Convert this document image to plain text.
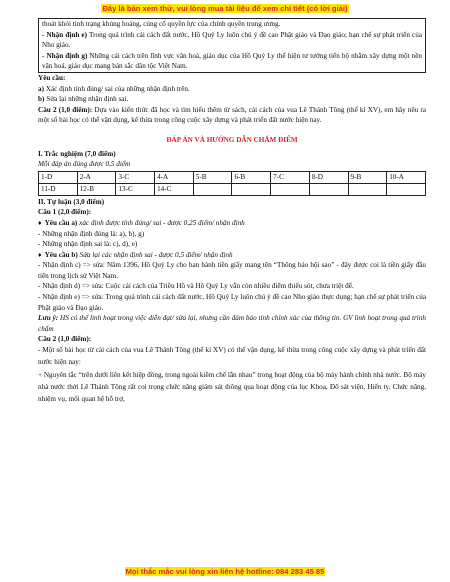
Đây là bản xem thử, vui lòng mua tài liệu để xem chi tiết (có lời giải)

thoát khỏi tình trạng khủng hoảng, củng cố quyền lực của chính quyền trung ương.

- Nhận định e) Trong quá trình cải cách đất nước, Hồ Quý Ly luôn chú ý đề cao Phật giáo và Đạo giáo; hạn chế sự phát triển của Nho giáo.

- Nhận định g) Những cải cách trên lĩnh vực văn hoá, giáo dục của Hồ Quý Ly thể hiện tư tưởng tiến bộ nhằm xây dựng một nền văn hoá, giáo dục mang bản sắc dân tộc Việt Nam.

Yêu cầu:

a) Xác định tính đúng/ sai của những nhận định trên.

b) Sửa lại những nhận định sai.

Câu 2 (1,0 điểm): Dựa vào kiến thức đã học và tìm hiểu thêm từ sách, cải cách của vua Lê Thánh Tông (thế kỉ XV), em hãy nêu ra một số bài học có thể vận dụng, kế thừa trong công cuộc xây dựng và phát triển đất nước hiện nay.

ĐÁP ÁN VÀ HƯỚNG DẪN CHẤM ĐIỂM

I. Trắc nghiệm (7,0 điểm)

Mỗi đáp án đúng được 0,5 điểm

1-D	2-A	3-C	4-A	5-B	6-B	7-C	8-D	9-B	10-A
11-D	12-B	13-C	14-C						

II. Tự luận (3,0 điểm)

Câu 1 (2,0 điểm):

♦ Yêu cầu a) xác định được tính đúng/ sai - được 0,25 điểm/ nhận định

- Những nhận định đúng là: a), b), g)

- Những nhận định sai là: c), d), e)

♦ Yêu cầu b) Sửa lại các nhận định sai - được 0,5 điểm/ nhận định

- Nhận định c) => sửa: Năm 1396, Hồ Quý Ly cho ban hành tiền giấy mang tên “Thông bảo hội sao” - đây được coi là tiền giấy đầu tiên trong lịch sử Việt Nam.

- Nhận định d) => sửa: Cuộc cải cách của Triều Hồ và Hồ Quý Ly vẫn còn nhiều điểm thiếu sót, chưa triệt để.

- Nhận định e) => sửa: Trong quá trình cải cách đất nước, Hồ Quý Ly luôn chú ý đề cao Nho giáo thực dụng; hạn chế sự phát triển của Phật giáo và Đạo giáo.

Lưu ý: HS có thể linh hoạt trong việc diễn đạt/ sửa lại, nhưng cần đảm bảo tính chính xác của thông tin. GV linh hoạt trong quá trình chấm

Câu 2 (1,0 điểm):

- Một số bài học từ cải cách của vua Lê Thánh Tông (thế kỉ XV) có thể vận dụng, kế thừa trong công cuộc xây dựng và phát triển đất nước hiện nay:

+ Nguyên tắc “trên dưới liên kết hiệp đồng, trong ngoài kiềm chế lẫn nhau” trong hoạt động của bộ máy hành chính nhà nước. Bộ máy nhà nước thời Lê Thánh Tông rất coi trọng chức năng giám sát thông qua hoạt động của lục Khoa, Đô sát viện, Hiến ty. Chức năng, nhiệm vụ, mối quan hệ hỗ trợ,

Mọi thắc mắc vui lòng xin liên hệ hotline: 084 283 45 85
